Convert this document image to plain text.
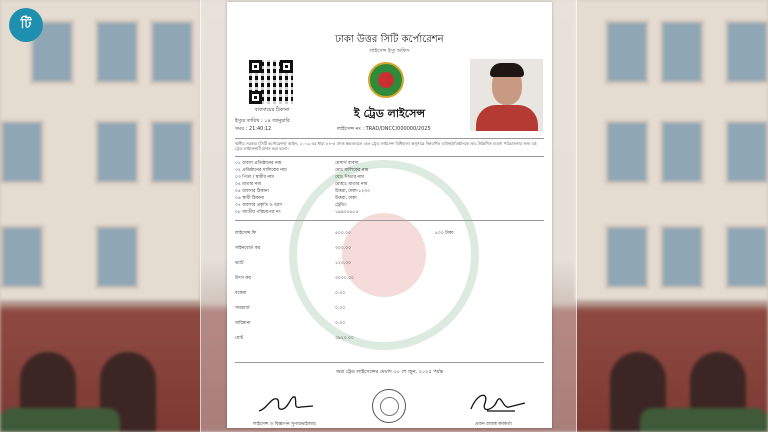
টি
ঢাকা উত্তর সিটি কর্পোরেশন
লাইসেন্স ইস্যু অফিস
ব্যবসায়ের ঠিকানা
ইস্যুর তারিখ : ১৪ জানুয়ারি
সময় : 21:40:12
ই ট্রেড লাইসেন্স
লাইসেন্স নং : TRAD/DNCC/000000/2025
স্থানীয় সরকার (সিটি কর্পোরেশন) আইন, ২০০৯ এর ধারা ৮৪-এ প্রদত্ত ক্ষমতাবলে এবং ট্রেড লাইসেন্স বিধিমালা অনুসারে নিম্নবর্ণিত ব্যক্তি/প্রতিষ্ঠানকে তার উল্লিখিত ব্যবসা পরিচালনার জন্য এই ট্রেড লাইসেন্সটি প্রদান করা হলো।
০১ ব্যবসা প্রতিষ্ঠানের নাম	মেসার্স ব্যবসা
০২ প্রতিষ্ঠানের মালিকের নাম	মোঃ মালিকের নাম
০৩ পিতা / স্বামীর নাম	মোঃ পিতার নাম
০৪ মাতার নাম	মোছাঃ মাতার নাম
০৫ ব্যবসার ঠিকানা	উত্তরা, ঢাকা-১২৩০
০৬ স্থায়ী ঠিকানা	উত্তরা, ঢাকা
০৭ ব্যবসার প্রকৃতি ও ধরণ	ট্রেডিং
০৮ জাতীয় পরিচয়পত্র নং	১৯৯০২৬১৫
লাইসেন্স ফি	৫০০.০০	৫০০ টাকা
সাইনবোর্ড কর	৩০০.০০
ভ্যাট	১২০.০০
উৎস কর	৩০০০.০০
বকেয়া	০.০০
সারচার্জ	০.০০
জরিমানা	০.০০
মোট	৩৯২০.০০
অত্র ট্রেড লাইসেন্সের মেয়াদ ৩০ শে জুন, ২০২৫ পর্যন্ত
লাইসেন্স ও বিজ্ঞাপন সুপারভাইজার	প্রধান রাজস্ব কর্মকর্তা
